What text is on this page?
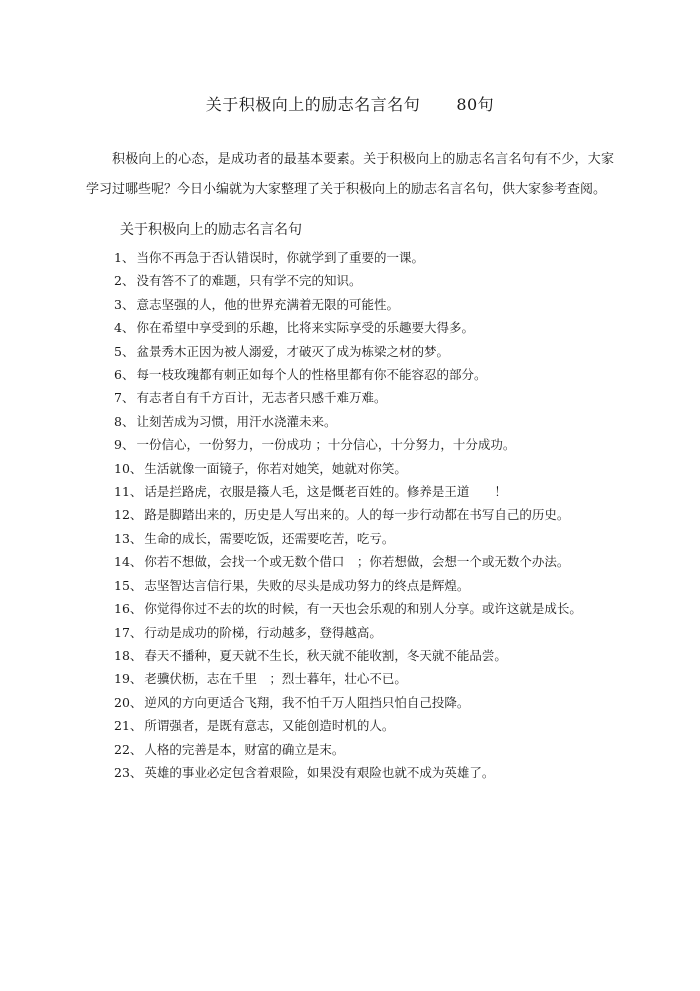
关于积极向上的励志名言名句 80句

积极向上的心态，是成功者的最基本要素。关于积极向上的励志名言名句有不少，大家学习过哪些呢？今日小编就为大家整理了关于积极向上的励志名言名句，供大家参考查阅。

关于积极向上的励志名言名句
1、 当你不再急于否认错误时，你就学到了重要的一课。
2、 没有答不了的难题，只有学不完的知识。
3、 意志坚强的人，他的世界充满着无限的可能性。
4、 你在希望中享受到的乐趣，比将来实际享受的乐趣要大得多。
5、 盆景秀木正因为被人溺爱，才破灭了成为栋梁之材的梦。
6、 每一枝玫瑰都有刺正如每个人的性格里都有你不能容忍的部分。
7、 有志者自有千方百计，无志者只感千难万难。
8、 让刻苦成为习惯，用汗水浇灌未来。
9、 一份信心，一份努力，一份成功 ；十分信心，十分努力，十分成功。
10、 生活就像一面镜子，你若对她笑，她就对你笑。
11、 话是拦路虎，衣服是籡人毛，这是慨老百姓的。修养是王道　　！
12、 路是脚踏出来的，历史是人写出来的。人的每一步行动都在书写自己的历史。
13、 生命的成长，需要吃饭，还需要吃苦，吃亏。
14、 你若不想做，会找一个或无数个借口　；你若想做，会想一个或无数个办法。
15、 志坚智达言信行果，失败的尽头是成功努力的终点是辉煌。
16、 你觉得你过不去的坎的时候，有一天也会乐观的和别人分享。或许这就是成长。
17、 行动是成功的阶梯，行动越多，登得越高。
18、 春天不播种，夏天就不生长，秋天就不能收割，冬天就不能品尝。
19、 老骥伏枥，志在千里　；烈士暮年，壮心不已。
20、 逆风的方向更适合飞翔，我不怕千万人阻挡只怕自己投降。
21、 所谓强者，是既有意志，又能创造时机的人。
22、 人格的完善是本，财富的确立是末。
23、 英雄的事业必定包含着艰险，如果没有艰险也就不成为英雄了。
